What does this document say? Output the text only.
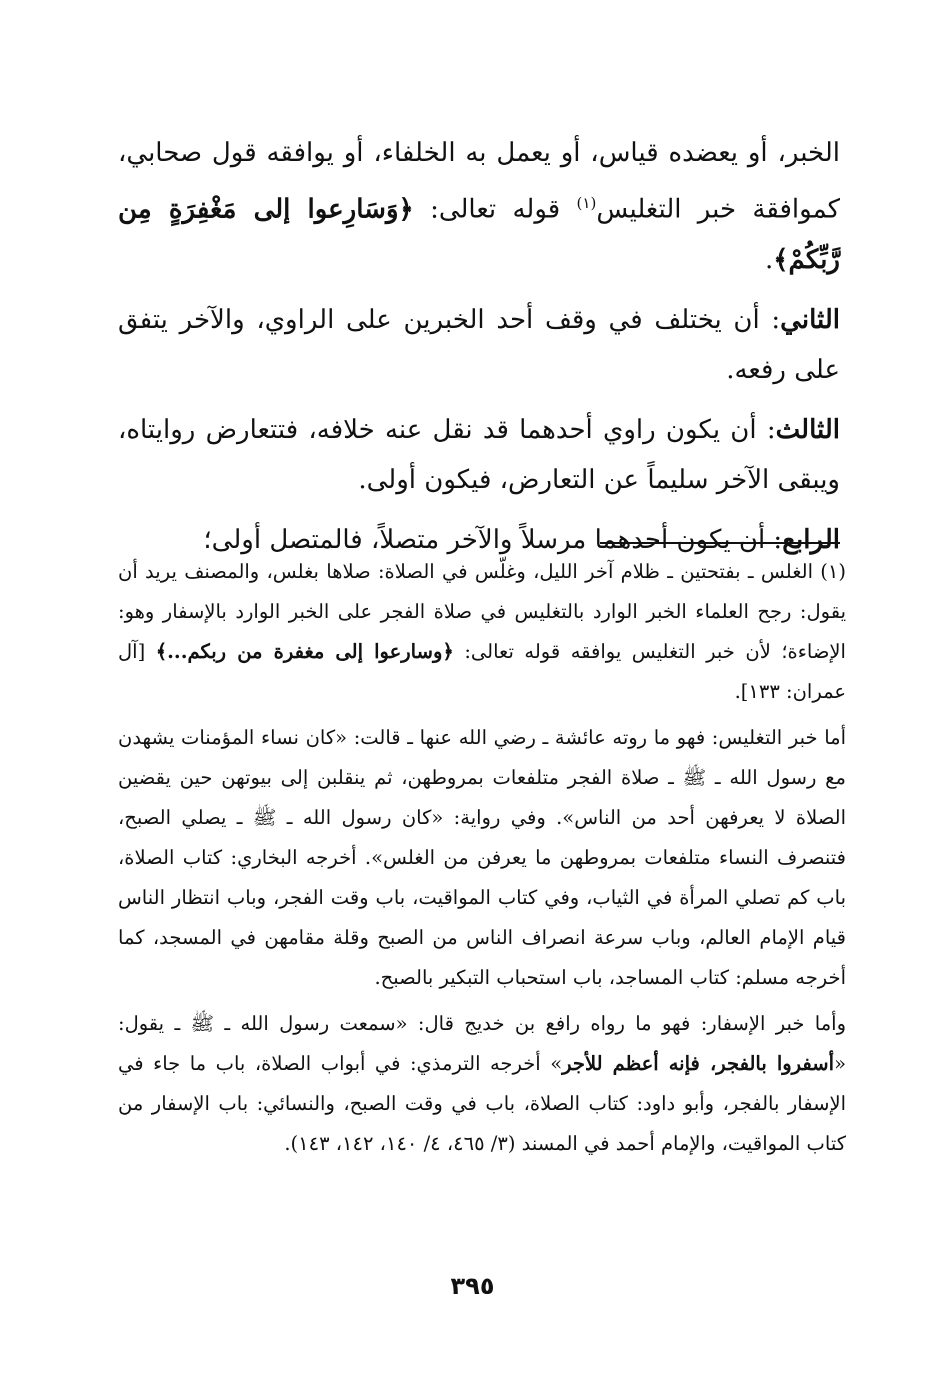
الخبر، أو يعضده قياس، أو يعمل به الخلفاء، أو يوافقه قول صحابي، كموافقة خبر التغليس$^{(١)}$ قوله تعالى: ﴿وَسَارِعوا إلى مَغْفِرَةٍ مِن رَّبِّكُمْ﴾.

الثاني: أن يختلف في وقف أحد الخبرين على الراوي، والآخر يتفق على رفعه.

الثالث: أن يكون راوي أحدهما قد نقل عنه خلافه، فتتعارض روايتاه، ويبقى الآخر سليماً عن التعارض، فيكون أولى.

الرابع: أن يكون أحدهما مرسلاً والآخر متصلاً، فالمتصل أولى؛

(١) الغلس ـ بفتحتين ـ ظلام آخر الليل، وغلّس في الصلاة: صلاها بغلس، والمصنف يريد أن يقول: رجح العلماء الخبر الوارد بالتغليس في صلاة الفجر على الخبر الوارد بالإسفار وهو: الإضاءة؛ لأن خبر التغليس يوافقه قوله تعالى: ﴿وسارعوا إلى مغفرة من ربكم...﴾ [آل عمران: ١٣٣].

أما خبر التغليس: فهو ما روته عائشة ـ رضي الله عنها ـ قالت: «كان نساء المؤمنات يشهدن مع رسول الله ـ ﷺ ـ صلاة الفجر متلفعات بمروطهن، ثم ينقلبن إلى بيوتهن حين يقضين الصلاة لا يعرفهن أحد من الناس». وفي رواية: «كان رسول الله ـ ﷺ ـ يصلي الصبح، فتنصرف النساء متلفعات بمروطهن ما يعرفن من الغلس». أخرجه البخاري: كتاب الصلاة، باب كم تصلي المرأة في الثياب، وفي كتاب المواقيت، باب وقت الفجر، وباب انتظار الناس قيام الإمام العالم، وباب سرعة انصراف الناس من الصبح وقلة مقامهن في المسجد، كما أخرجه مسلم: كتاب المساجد، باب استحباب التبكير بالصبح.

وأما خبر الإسفار: فهو ما رواه رافع بن خديج قال: «سمعت رسول الله ـ ﷺ ـ يقول: «أسفروا بالفجر، فإنه أعظم للأجر» أخرجه الترمذي: في أبواب الصلاة، باب ما جاء في الإسفار بالفجر، وأبو داود: كتاب الصلاة، باب في وقت الصبح، والنسائي: باب الإسفار من كتاب المواقيت، والإمام أحمد في المسند (٣/ ٤٦٥، ٤/ ١٤٠، ١٤٢، ١٤٣).

٣٩٥
